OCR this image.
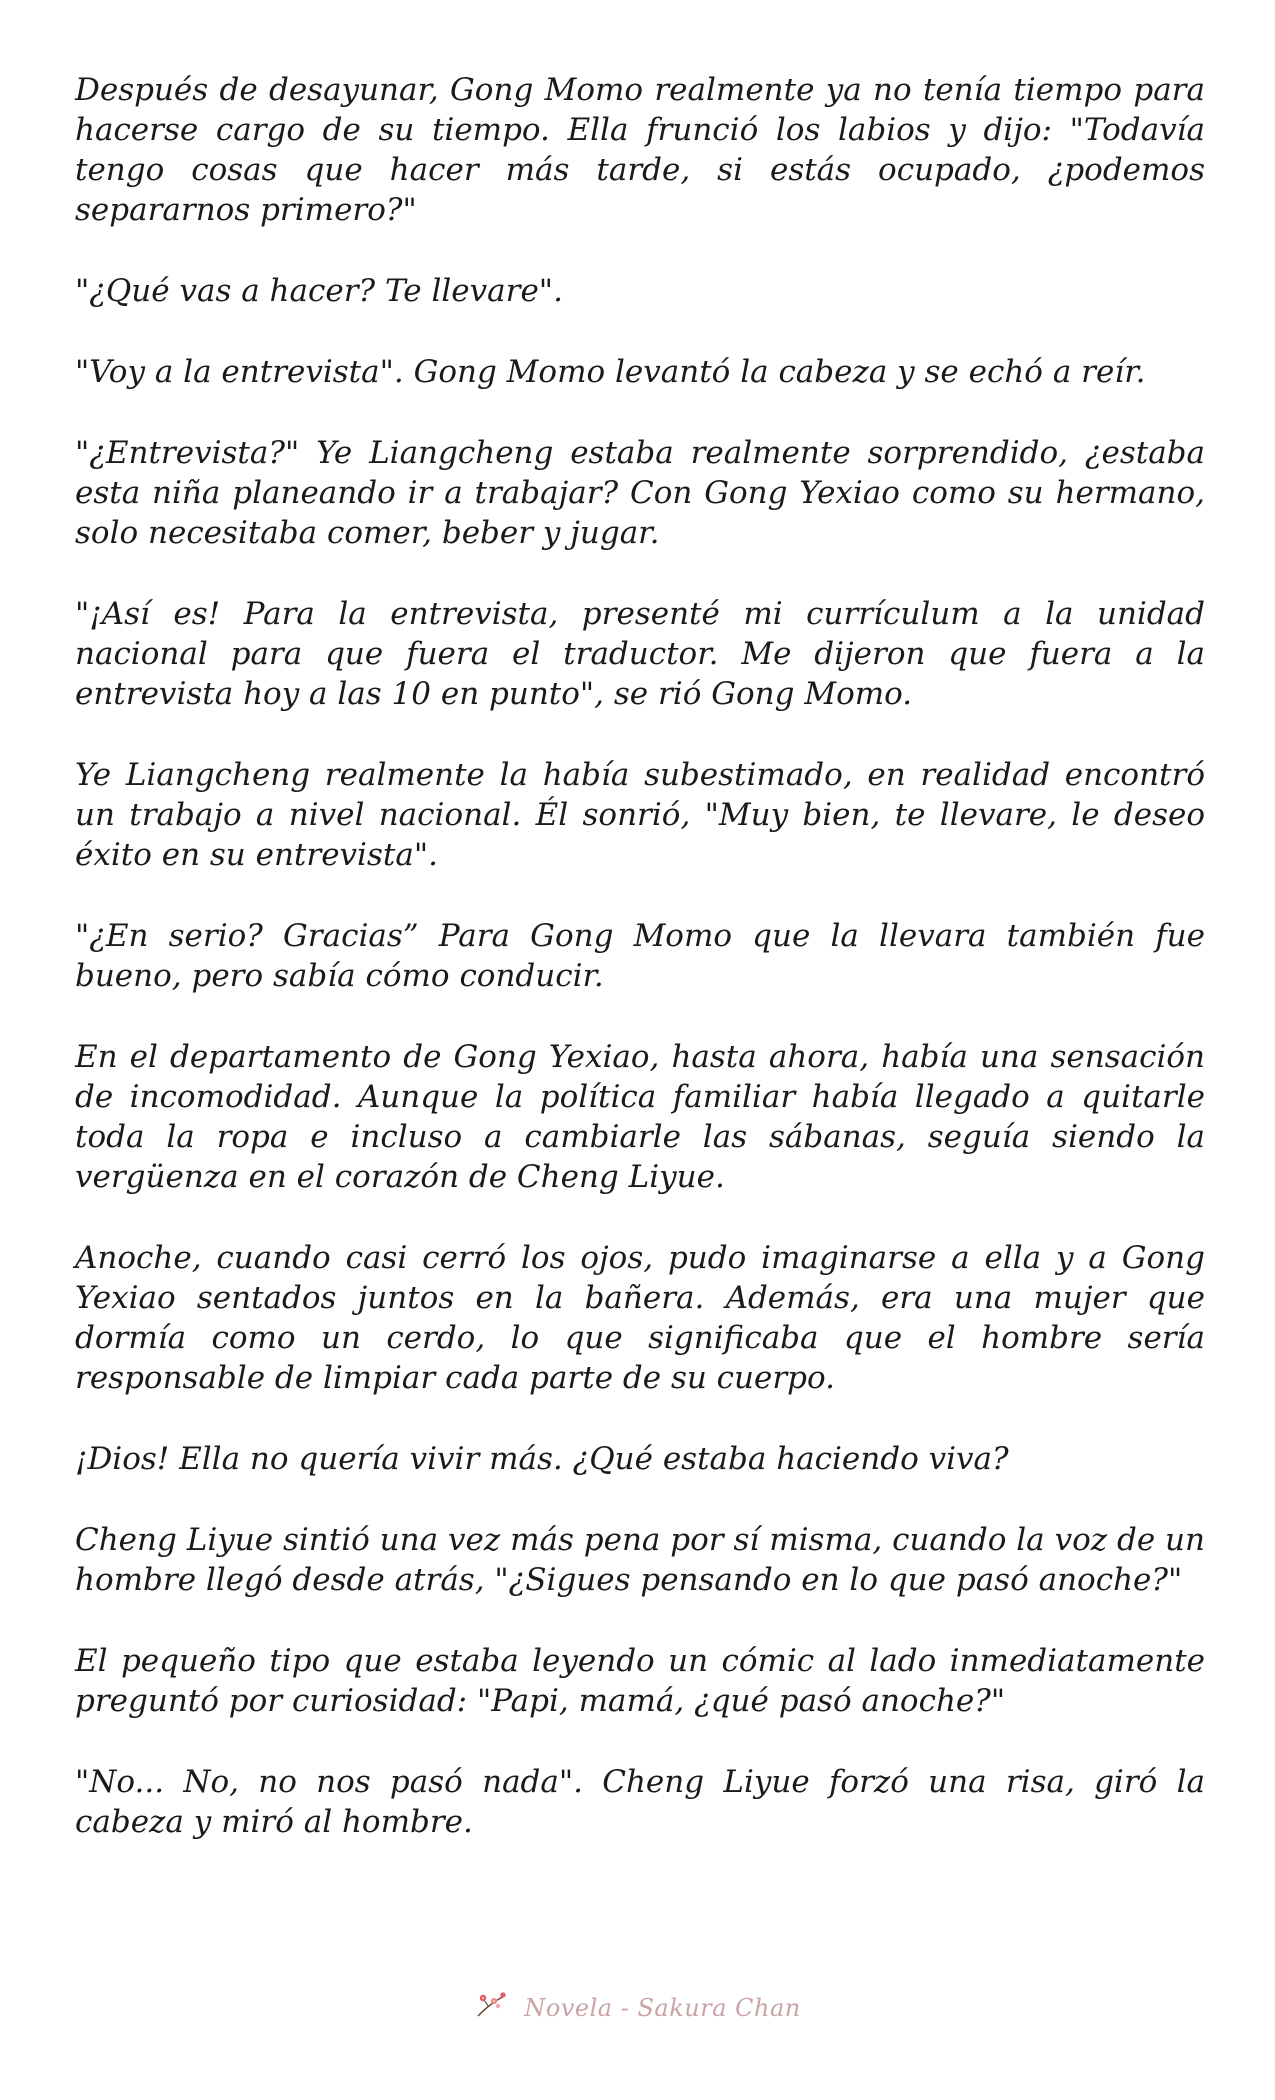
Después de desayunar, Gong Momo realmente ya no tenía tiempo para hacerse cargo de su tiempo. Ella frunció los labios y dijo: "Todavía tengo cosas que hacer más tarde, si estás ocupado, ¿podemos separarnos primero?"

"¿Qué vas a hacer? Te llevare".

"Voy a la entrevista". Gong Momo levantó la cabeza y se echó a reír.

"¿Entrevista?" Ye Liangcheng estaba realmente sorprendido, ¿estaba esta niña planeando ir a trabajar? Con Gong Yexiao como su hermano, solo necesitaba comer, beber y jugar.

"¡Así es! Para la entrevista, presenté mi currículum a la unidad nacional para que fuera el traductor. Me dijeron que fuera a la entrevista hoy a las 10 en punto", se rió Gong Momo.

Ye Liangcheng realmente la había subestimado, en realidad encontró un trabajo a nivel nacional. Él sonrió, "Muy bien, te llevare, le deseo éxito en su entrevista".

"¿En serio? Gracias” Para Gong Momo que la llevara también fue bueno, pero sabía cómo conducir.

En el departamento de Gong Yexiao, hasta ahora, había una sensación de incomodidad. Aunque la política familiar había llegado a quitarle toda la ropa e incluso a cambiarle las sábanas, seguía siendo la vergüenza en el corazón de Cheng Liyue.

Anoche, cuando casi cerró los ojos, pudo imaginarse a ella y a Gong Yexiao sentados juntos en la bañera. Además, era una mujer que dormía como un cerdo, lo que significaba que el hombre sería responsable de limpiar cada parte de su cuerpo.

¡Dios! Ella no quería vivir más. ¿Qué estaba haciendo viva?

Cheng Liyue sintió una vez más pena por sí misma, cuando la voz de un hombre llegó desde atrás, "¿Sigues pensando en lo que pasó anoche?"

El pequeño tipo que estaba leyendo un cómic al lado inmediatamente preguntó por curiosidad: "Papi, mamá, ¿qué pasó anoche?"

"No... No, no nos pasó nada". Cheng Liyue forzó una risa, giró la cabeza y miró al hombre.

Novela - Sakura Chan
